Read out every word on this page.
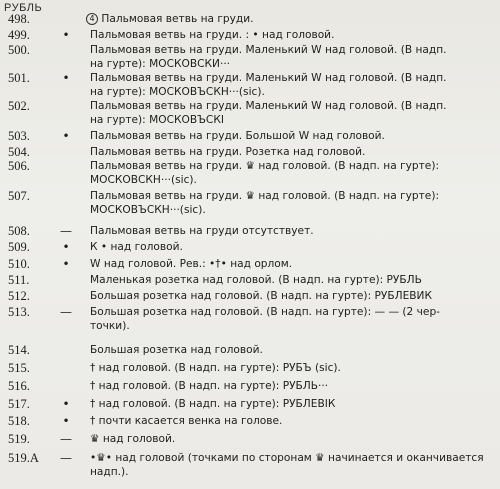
РУБЛЬ
498.	4 Пальмовая ветвь на груди.
499.	•	Пальмовая ветвь на груди. : • над головой.
500.	Пальмовая ветвь на груди. Маленький W над головой. (В надп.
на гурте): МОСКОВСКИ···
501.	•	Пальмовая ветвь на груди. Маленький W над головой. (В надп.
на гурте): МОСКОВЪСКН···(sic).
502.	Пальмовая ветвь на груди. Маленький W над головой. (В надп.
на гурте): МОСКОВЪСКІ
503.	•	Пальмовая ветвь на груди. Большой W над головой.
504.	Пальмовая ветвь на груди. Розетка над головой.
506.	Пальмовая ветвь на груди. ♛ над головой. (В надп. на гурте):
МОСКОВСКН···(sic).
507.	Пальмовая ветвь на груди. ♛ над головой. (В надп. на гурте):
МОСКОВЪСКН···(sic).
508.	—	Пальмовая ветвь на груди отсутствует.
509.	•	К • над головой.
510.	•	W над головой. Рев.: •†• над орлом.
511.	Маленькая розетка над головой. (В надп. на гурте): РУБЛЬ
512.	Большая розетка над головой. (В надп. на гурте): РУБЛЕВИК
513.	—	Большая розетка над головой. (В надп. на гурте): — — (2 чер-
точки).
514.	Большая розетка над головой.
515.	† над головой. (В надп. на гурте): РУБЪ (sic).
516.	† над головой. (В надп. на гурте): РУБЛЬ···
517.	•	† над головой. (В надп. на гурте): РУБЛЕВІК
518.	•	† почти касается венка на голове.
519.	—	♛ над головой.
519.A	—	•♛• над головой (точками по сторонам ♛ начинается и оканчивается
надп.).
